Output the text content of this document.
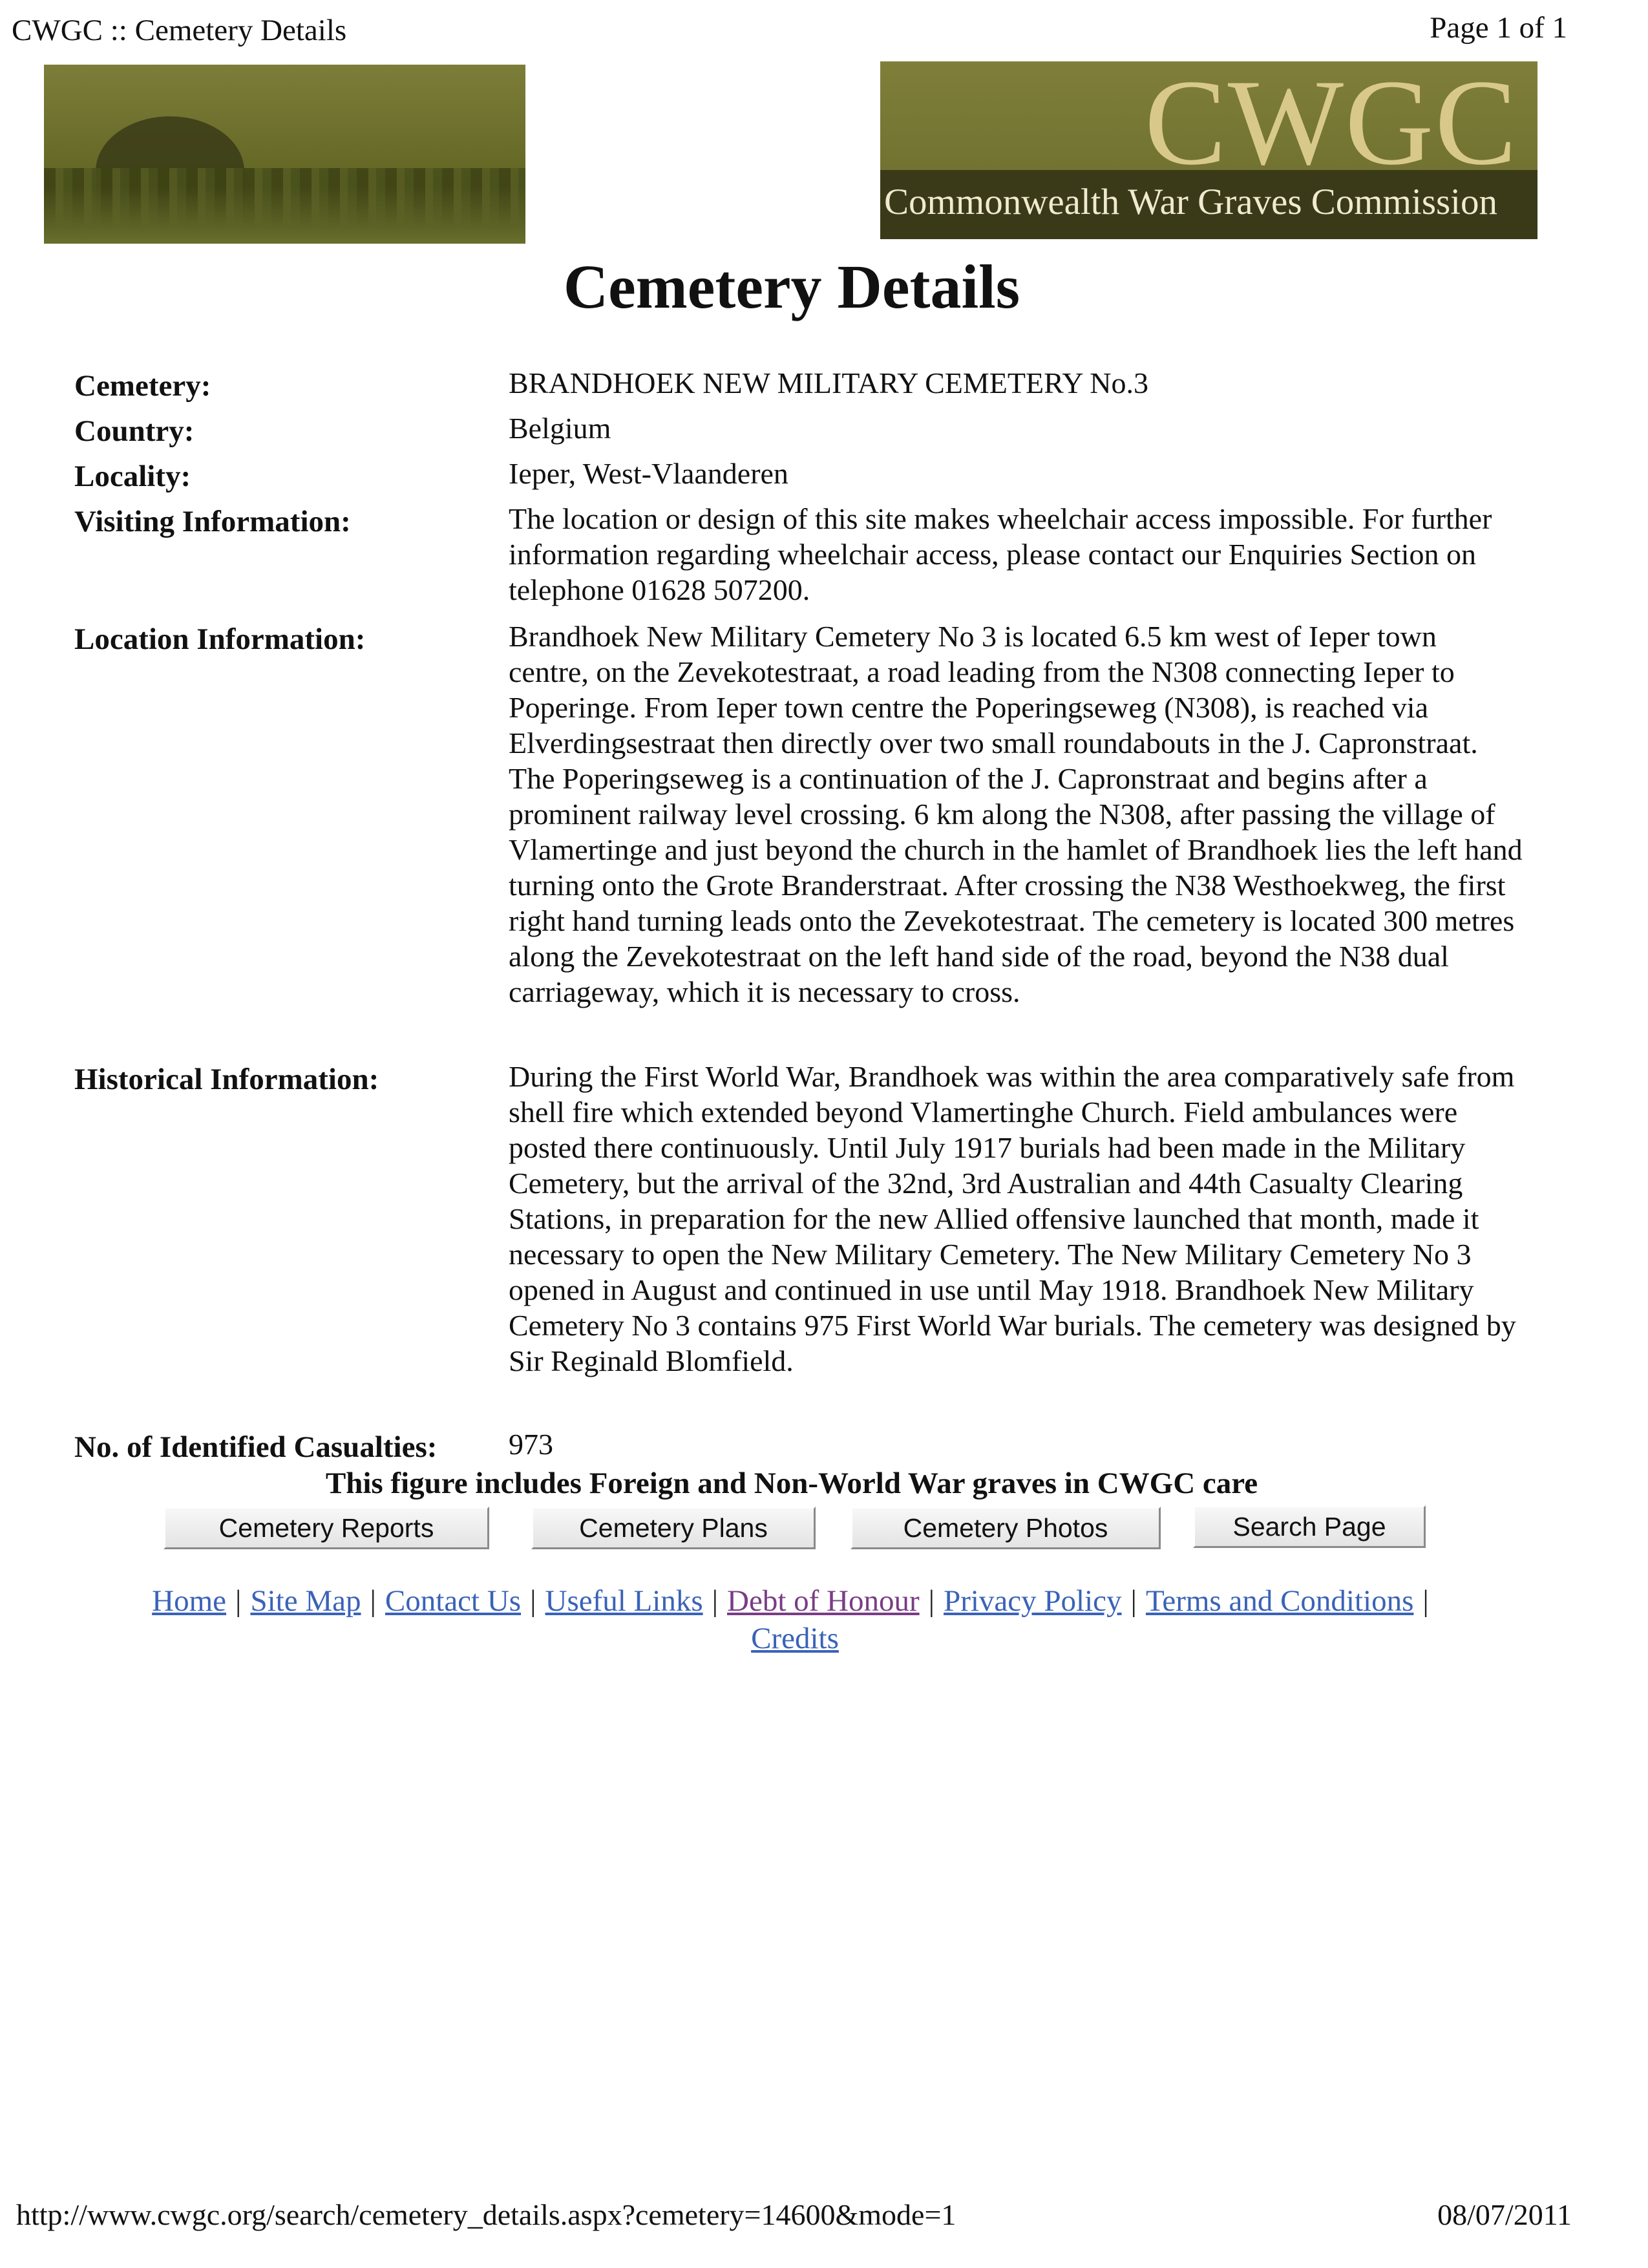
CWGC :: Cemetery Details	Page 1 of 1
CWGC
Commonwealth War Graves Commission
Cemetery Details
Cemetery:	BRANDHOEK NEW MILITARY CEMETERY No.3
Country:	Belgium
Locality:	Ieper, West-Vlaanderen
Visiting Information:	The location or design of this site makes wheelchair access impossible. For further information regarding wheelchair access, please contact our Enquiries Section on telephone 01628 507200.
Location Information:	Brandhoek New Military Cemetery No 3 is located 6.5 km west of Ieper town centre, on the Zevekotestraat, a road leading from the N308 connecting Ieper to Poperinge. From Ieper town centre the Poperingseweg (N308), is reached via Elverdingsestraat then directly over two small roundabouts in the J. Capronstraat. The Poperingseweg is a continuation of the J. Capronstraat and begins after a prominent railway level crossing. 6 km along the N308, after passing the village of Vlamertinge and just beyond the church in the hamlet of Brandhoek lies the left hand turning onto the Grote Branderstraat. After crossing the N38 Westhoekweg, the first right hand turning leads onto the Zevekotestraat. The cemetery is located 300 metres along the Zevekotestraat on the left hand side of the road, beyond the N38 dual carriageway, which it is necessary to cross.
Historical Information:	During the First World War, Brandhoek was within the area comparatively safe from shell fire which extended beyond Vlamertinghe Church. Field ambulances were posted there continuously. Until July 1917 burials had been made in the Military Cemetery, but the arrival of the 32nd, 3rd Australian and 44th Casualty Clearing Stations, in preparation for the new Allied offensive launched that month, made it necessary to open the New Military Cemetery. The New Military Cemetery No 3 opened in August and continued in use until May 1918. Brandhoek New Military Cemetery No 3 contains 975 First World War burials. The cemetery was designed by Sir Reginald Blomfield.
No. of Identified Casualties: 973
This figure includes Foreign and Non-World War graves in CWGC care
Cemetery Reports	Cemetery Plans	Cemetery Photos	Search Page
Home | Site Map | Contact Us | Useful Links | Debt of Honour | Privacy Policy | Terms and Conditions |
Credits
http://www.cwgc.org/search/cemetery_details.aspx?cemetery=14600&mode=1	08/07/2011
